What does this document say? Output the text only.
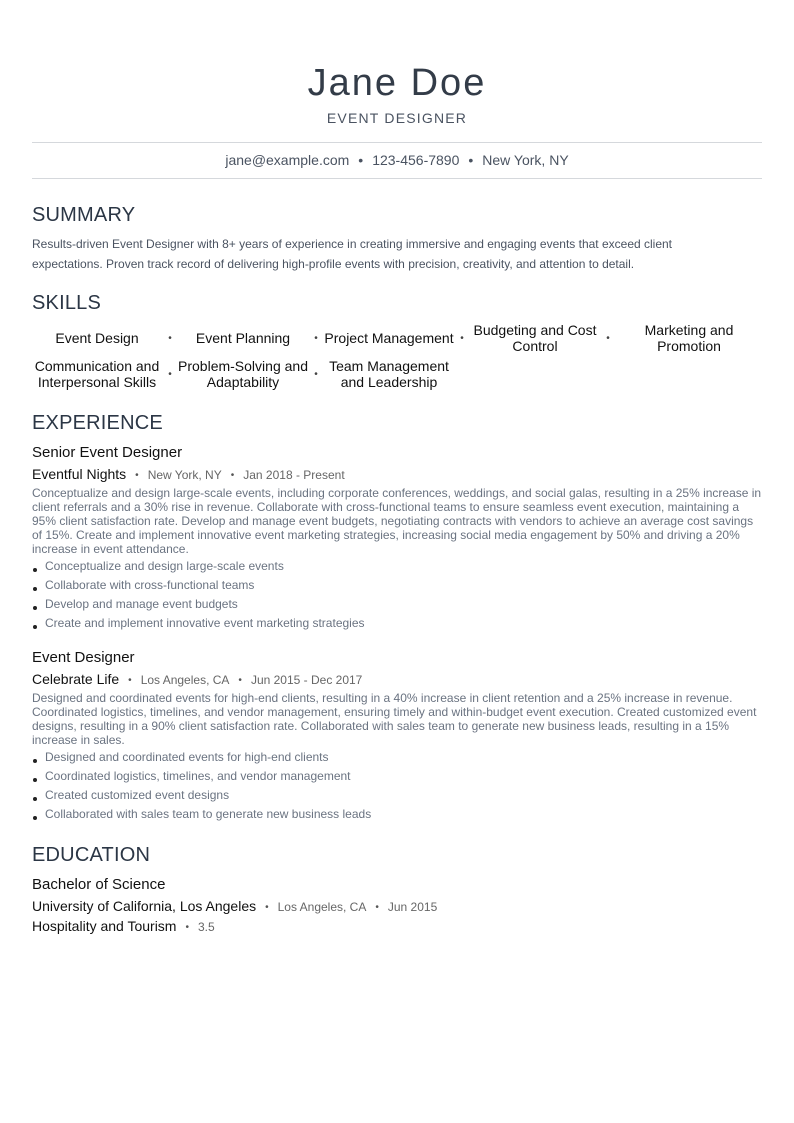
Jane Doe
EVENT DESIGNER
jane@example.com • 123-456-7890 • New York, NY
SUMMARY

Results-driven Event Designer with 8+ years of experience in creating immersive and engaging events that exceed client expectations. Proven track record of delivering high-profile events with precision, creativity, and attention to detail.

SKILLS
Event Design	•	Event Planning	• Project Management • Budgeting and Cost Control	•	Marketing and Promotion
Communication and Interpersonal Skills	• Problem-Solving and Adaptability	• Team Management and Leadership
EXPERIENCE
Senior Event Designer
Eventful Nights • New York, NY • Jan 2018 - Present

Conceptualize and design large-scale events, including corporate conferences, weddings, and social galas, resulting in a 25% increase in client referrals and a 30% rise in revenue. Collaborate with cross-functional teams to ensure seamless event execution, maintaining a 95% client satisfaction rate. Develop and manage event budgets, negotiating contracts with vendors to achieve an average cost savings of 15%. Create and implement innovative event marketing strategies, increasing social media engagement by 50% and driving a 20% increase in event attendance.

Conceptualize and design large-scale events
Collaborate with cross-functional teams
Develop and manage event budgets
Create and implement innovative event marketing strategies
Event Designer
Celebrate Life • Los Angeles, CA • Jun 2015 - Dec 2017

Designed and coordinated events for high-end clients, resulting in a 40% increase in client retention and a 25% increase in revenue. Coordinated logistics, timelines, and vendor management, ensuring timely and within-budget event execution. Created customized event designs, resulting in a 90% client satisfaction rate. Collaborated with sales team to generate new business leads, resulting in a 15% increase in sales.

Designed and coordinated events for high-end clients
Coordinated logistics, timelines, and vendor management
Created customized event designs
Collaborated with sales team to generate new business leads
EDUCATION
Bachelor of Science
University of California, Los Angeles • Los Angeles, CA • Jun 2015
Hospitality and Tourism • 3.5
